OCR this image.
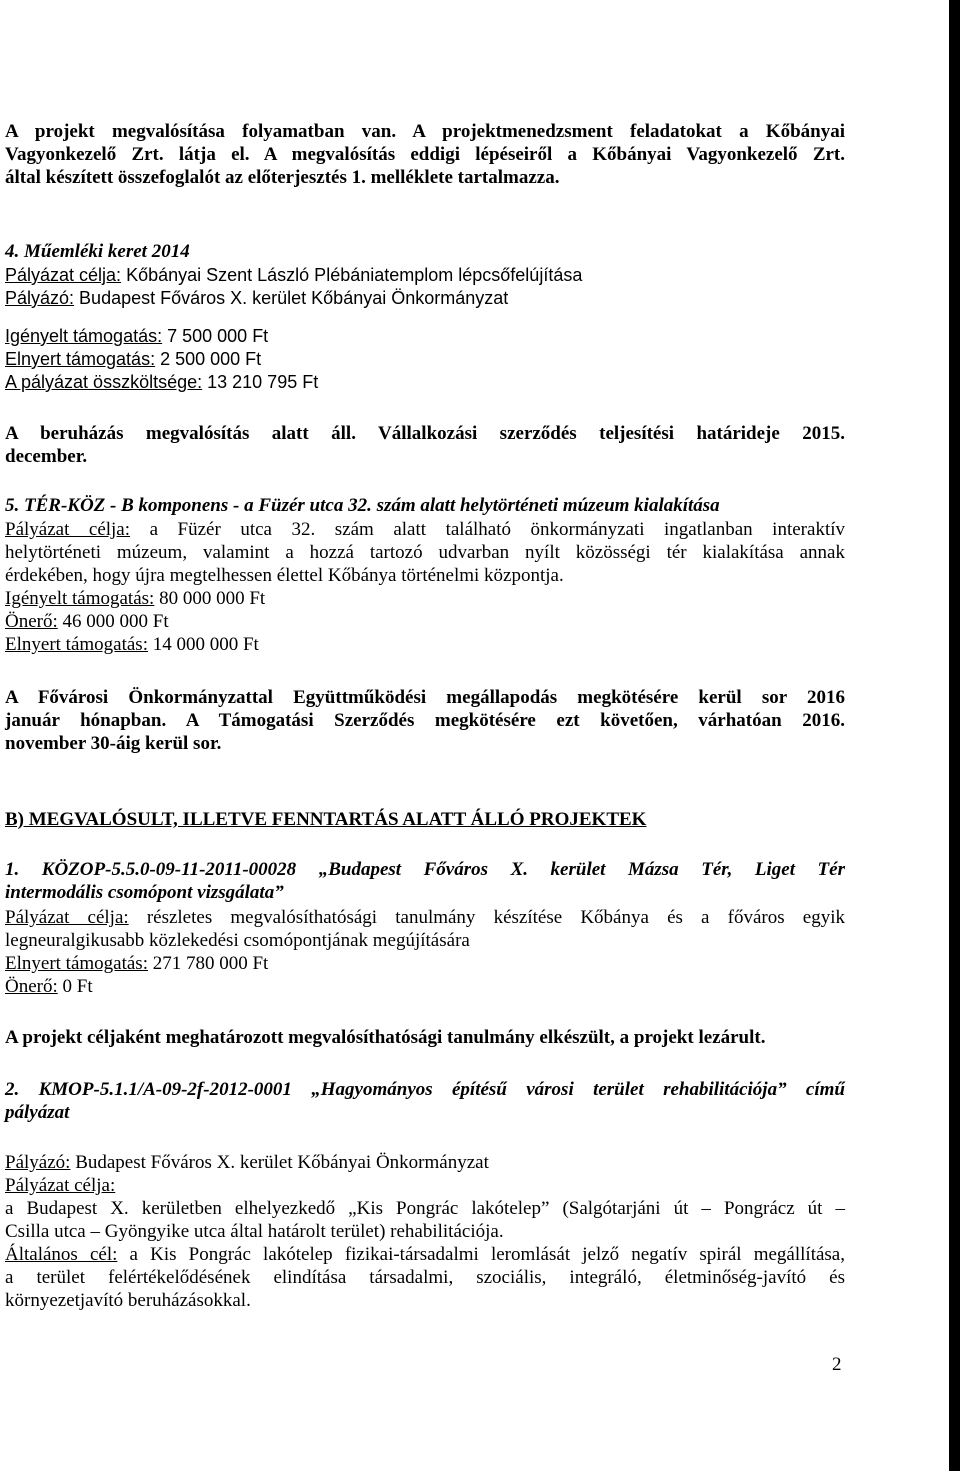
A projekt megvalósítása folyamatban van. A projektmenedzsment feladatokat a Kőbányai
Vagyonkezelő Zrt. látja el. A megvalósítás eddigi lépéseiről a Kőbányai Vagyonkezelő Zrt.
által készített összefoglalót az előterjesztés 1. melléklete tartalmazza.
4. Műemléki keret 2014
Pályázat célja: Kőbányai Szent László Plébániatemplom lépcsőfelújítása
Pályázó: Budapest Főváros X. kerület Kőbányai Önkormányzat
Igényelt támogatás: 7 500 000 Ft
Elnyert támogatás: 2 500 000 Ft
A pályázat összköltsége: 13 210 795 Ft
A beruházás megvalósítás alatt áll. Vállalkozási szerződés teljesítési határideje 2015.
december.
5. TÉR-KÖZ - B komponens - a Füzér utca 32. szám alatt helytörténeti múzeum kialakítása
Pályázat célja: a Füzér utca 32. szám alatt található önkormányzati ingatlanban interaktív
helytörténeti múzeum, valamint a hozzá tartozó udvarban nyílt közösségi tér kialakítása annak
érdekében, hogy újra megtelhessen élettel Kőbánya történelmi központja.
Igényelt támogatás: 80 000 000 Ft
Önerő: 46 000 000 Ft
Elnyert támogatás: 14 000 000 Ft
A Fővárosi Önkormányzattal Együttműködési megállapodás megkötésére kerül sor 2016
január hónapban. A Támogatási Szerződés megkötésére ezt követően, várhatóan 2016.
november 30-áig kerül sor.
B) MEGVALÓSULT, ILLETVE FENNTARTÁS ALATT ÁLLÓ PROJEKTEK
1. KÖZOP-5.5.0-09-11-2011-00028 „Budapest Főváros X. kerület Mázsa Tér, Liget Tér
intermodális csomópont vizsgálata”
Pályázat célja: részletes megvalósíthatósági tanulmány készítése Kőbánya és a főváros egyik
legneuralgikusabb közlekedési csomópontjának megújítására
Elnyert támogatás: 271 780 000 Ft
Önerő: 0 Ft
A projekt céljaként meghatározott megvalósíthatósági tanulmány elkészült, a projekt lezárult.
2. KMOP-5.1.1/A-09-2f-2012-0001 „Hagyományos építésű városi terület rehabilitációja” című
pályázat
Pályázó: Budapest Főváros X. kerület Kőbányai Önkormányzat
Pályázat célja:
a Budapest X. kerületben elhelyezkedő „Kis Pongrác lakótelep” (Salgótarjáni út – Pongrácz út –
Csilla utca – Gyöngyike utca által határolt terület) rehabilitációja.
Általános cél: a Kis Pongrác lakótelep fizikai-társadalmi leromlását jelző negatív spirál megállítása,
a terület felértékelődésének elindítása társadalmi, szociális, integráló, életminőség-javító és
környezetjavító beruházásokkal.
2
